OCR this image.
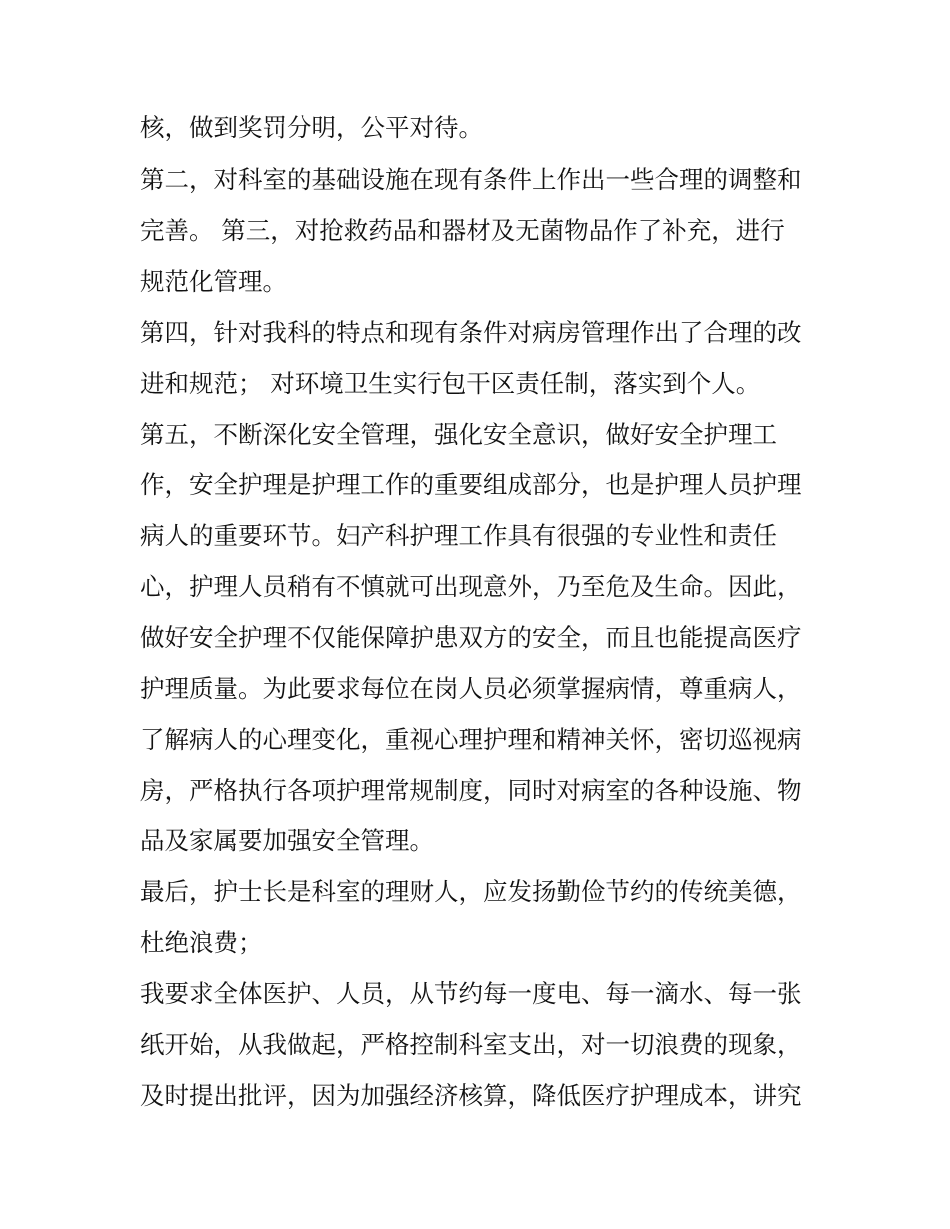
核，做到奖罚分明，公平对待。
第二，对科室的基础设施在现有条件上作出一些合理的调整和
完善。 第三，对抢救药品和器材及无菌物品作了补充，进行
规范化管理。
第四，针对我科的特点和现有条件对病房管理作出了合理的改
进和规范； 对环境卫生实行包干区责任制，落实到个人。
第五，不断深化安全管理，强化安全意识，做好安全护理工
作，安全护理是护理工作的重要组成部分，也是护理人员护理
病人的重要环节。妇产科护理工作具有很强的专业性和责任
心，护理人员稍有不慎就可出现意外，乃至危及生命。因此，
做好安全护理不仅能保障护患双方的安全，而且也能提高医疗
护理质量。为此要求每位在岗人员必须掌握病情，尊重病人，
了解病人的心理变化，重视心理护理和精神关怀，密切巡视病
房，严格执行各项护理常规制度，同时对病室的各种设施、物
品及家属要加强安全管理。
最后，护士长是科室的理财人，应发扬勤俭节约的传统美德，
杜绝浪费；
我要求全体医护、人员，从节约每一度电、每一滴水、每一张
纸开始，从我做起，严格控制科室支出，对一切浪费的现象，
及时提出批评，因为加强经济核算，降低医疗护理成本，讲究
